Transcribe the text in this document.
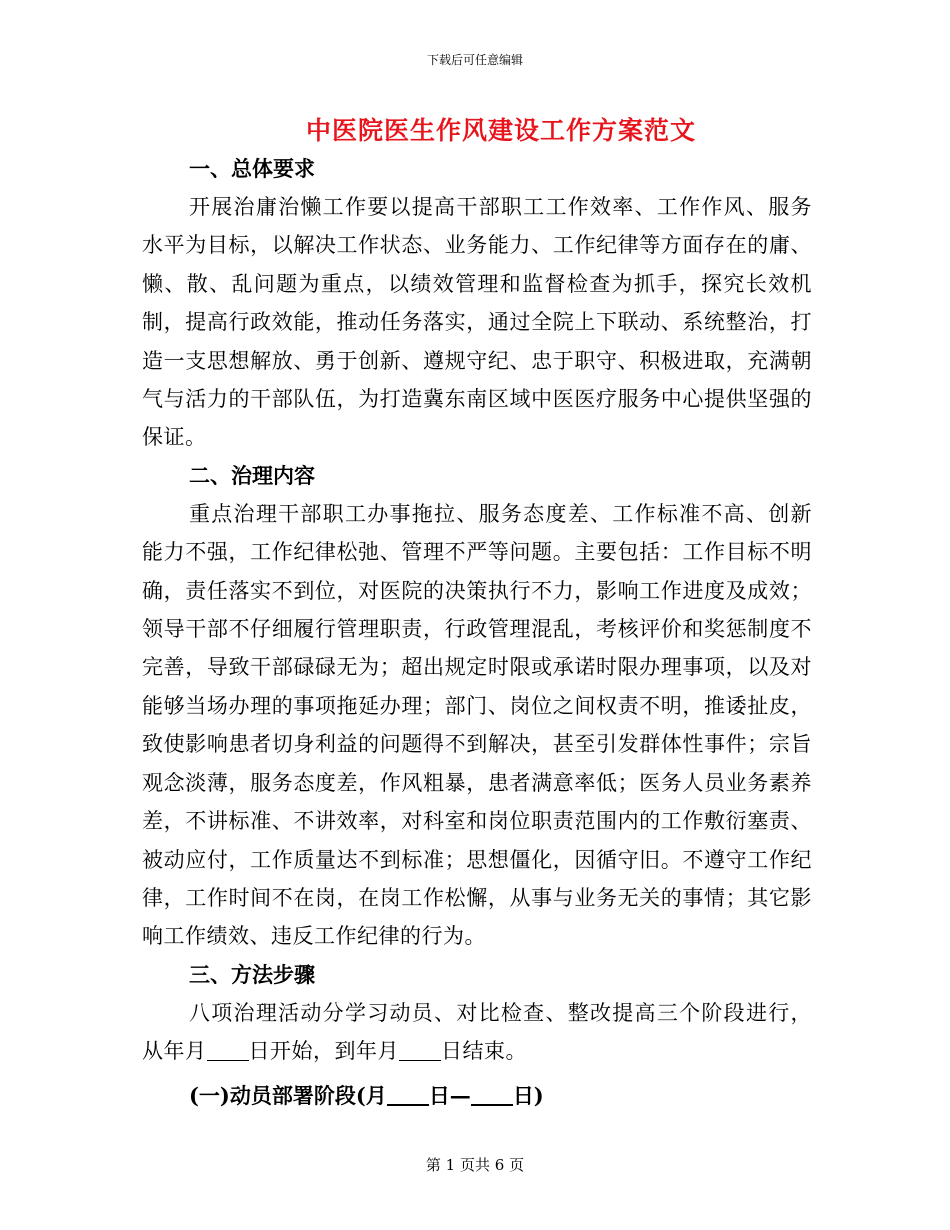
下载后可任意编辑
中医院医生作风建设工作方案范文
一、总体要求

开展治庸治懒工作要以提高干部职工工作效率、工作作风、服务水平为目标，以解决工作状态、业务能力、工作纪律等方面存在的庸、懒、散、乱问题为重点，以绩效管理和监督检查为抓手，探究长效机制，提高行政效能，推动任务落实，通过全院上下联动、系统整治，打造一支思想解放、勇于创新、遵规守纪、忠于职守、积极进取，充满朝气与活力的干部队伍，为打造冀东南区域中医医疗服务中心提供坚强的保证。

二、治理内容

重点治理干部职工办事拖拉、服务态度差、工作标准不高、创新能力不强，工作纪律松弛、管理不严等问题。主要包括：工作目标不明确，责任落实不到位，对医院的决策执行不力，影响工作进度及成效；领导干部不仔细履行管理职责，行政管理混乱，考核评价和奖惩制度不完善，导致干部碌碌无为；超出规定时限或承诺时限办理事项，以及对能够当场办理的事项拖延办理；部门、岗位之间权责不明，推诿扯皮，致使影响患者切身利益的问题得不到解决，甚至引发群体性事件；宗旨观念淡薄，服务态度差，作风粗暴，患者满意率低；医务人员业务素养差，不讲标准、不讲效率，对科室和岗位职责范围内的工作敷衍塞责、被动应付，工作质量达不到标准；思想僵化，因循守旧。不遵守工作纪律，工作时间不在岗，在岗工作松懈，从事与业务无关的事情；其它影响工作绩效、违反工作纪律的行为。

三、方法步骤

八项治理活动分学习动员、对比检查、整改提高三个阶段进行，从年月 日开始，到年月 日结束。

(一)动员部署阶段(月 日— 日)
第 1 页共 6 页
